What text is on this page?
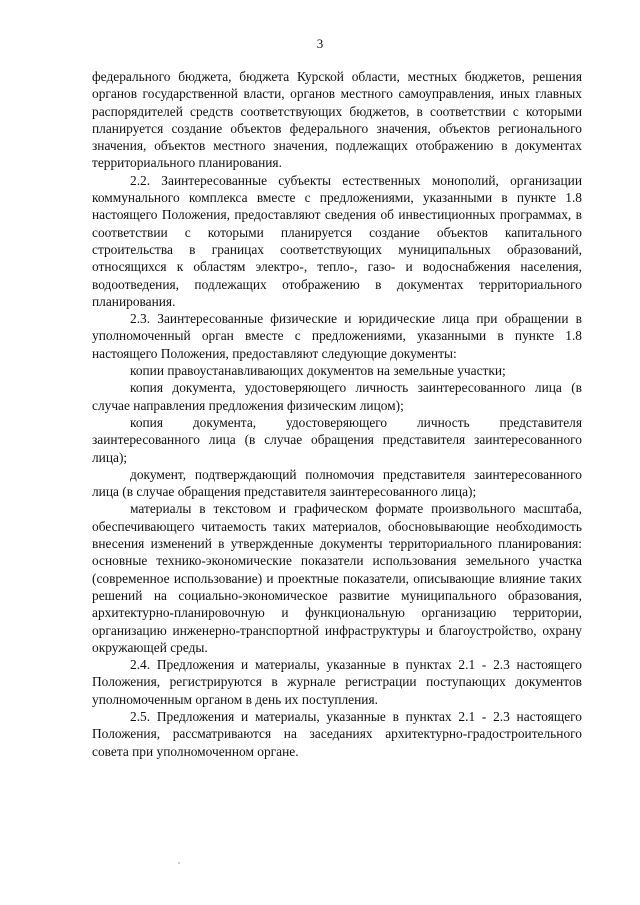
3

федерального бюджета, бюджета Курской области, местных бюджетов, решения органов государственной власти, органов местного самоуправления, иных главных распорядителей средств соответствующих бюджетов, в соответствии с которыми планируется создание объектов федерального значения, объектов регионального значения, объектов местного значения, подлежащих отображению в документах территориального планирования.

2.2. Заинтересованные субъекты естественных монополий, организации коммунального комплекса вместе с предложениями, указанными в пункте 1.8 настоящего Положения, предоставляют сведения об инвестиционных программах, в соответствии с которыми планируется создание объектов капитального строительства в границах соответствующих муниципальных образований, относящихся к областям электро-, тепло-, газо- и водоснабжения населения, водоотведения, подлежащих отображению в документах территориального планирования.

2.3. Заинтересованные физические и юридические лица при обращении в уполномоченный орган вместе с предложениями, указанными в пункте 1.8 настоящего Положения, предоставляют следующие документы:

копии правоустанавливающих документов на земельные участки;

копия документа, удостоверяющего личность заинтересованного лица (в случае направления предложения физическим лицом);

копия документа, удостоверяющего личность представителя заинтересованного лица (в случае обращения представителя заинтересованного лица);

документ, подтверждающий полномочия представителя заинтересованного лица (в случае обращения представителя заинтересованного лица);

материалы в текстовом и графическом формате произвольного масштаба, обеспечивающего читаемость таких материалов, обосновывающие необходимость внесения изменений в утвержденные документы территориального планирования: основные технико-экономические показатели использования земельного участка (современное использование) и проектные показатели, описывающие влияние таких решений на социально-экономическое развитие муниципального образования, архитектурно-планировочную и функциональную организацию территории, организацию инженерно-транспортной инфраструктуры и благоустройство, охрану окружающей среды.

2.4. Предложения и материалы, указанные в пунктах 2.1 - 2.3 настоящего Положения, регистрируются в журнале регистрации поступающих документов уполномоченным органом в день их поступления.

2.5. Предложения и материалы, указанные в пунктах 2.1 - 2.3 настоящего Положения, рассматриваются на заседаниях архитектурно-градостроительного совета при уполномоченном органе.
